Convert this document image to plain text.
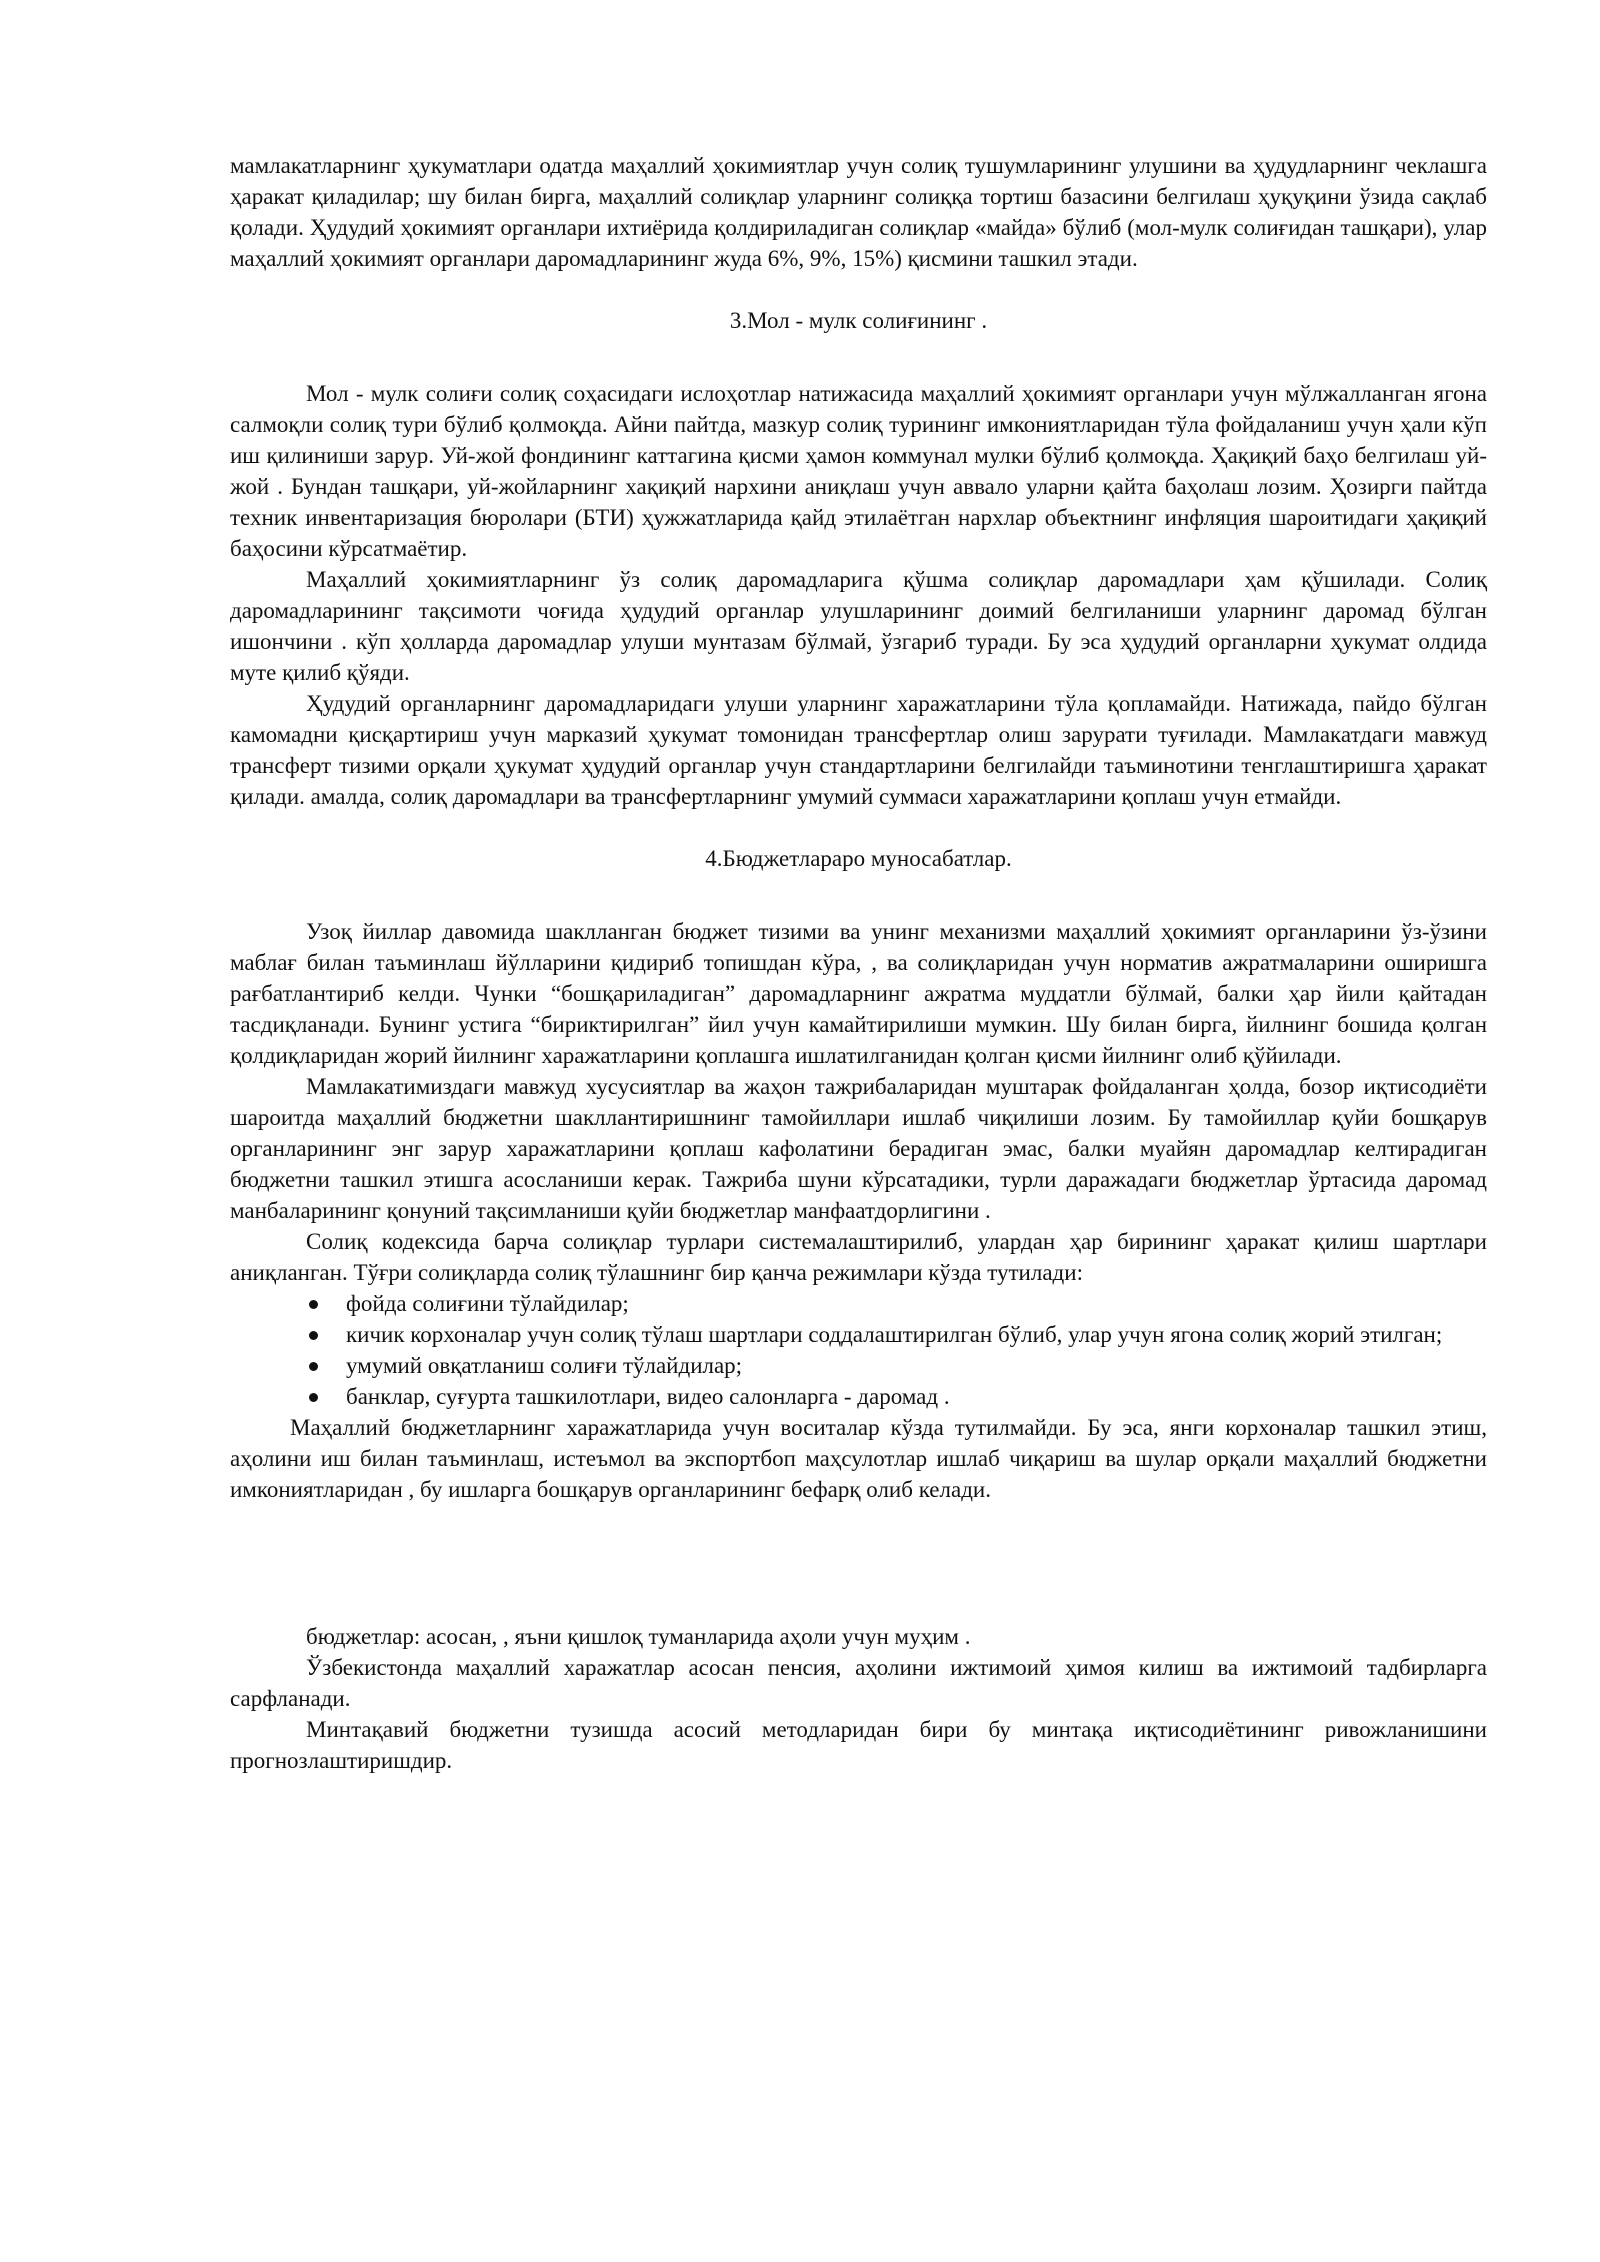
мамлакатларнинг ҳукуматлари одатда маҳаллий ҳокимиятлар учун солиқ тушумларининг улушини ва ҳудудларнинг чеклашга ҳаракат қиладилар; шу билан бирга, маҳаллий солиқлар уларнинг солиққа тортиш базасини белгилаш ҳуқуқини ўзида сақлаб қолади. Ҳудудий ҳокимият органлари ихтиёрида қолдириладиган солиқлар «майда» бўлиб (мол-мулк солиғидан ташқари), улар маҳаллий ҳокимият органлари даромадларининг жуда 6%, 9%, 15%) қисмини ташкил этади.

3.Мол - мулк солиғининг .

Мол - мулк солиғи солиқ соҳасидаги ислоҳотлар натижасида маҳаллий ҳокимият органлари учун мўлжалланган ягона салмоқли солиқ тури бўлиб қолмоқда. Айни пайтда, мазкур солиқ турининг имкониятларидан тўла фойдаланиш учун ҳали кўп иш қилиниши зарур. Уй-жой фондининг каттагина қисми ҳамон коммунал мулки бўлиб қолмоқда. Ҳақиқий баҳо белгилаш уй-жой . Бундан ташқари, уй-жойларнинг хақиқий нархини аниқлаш учун аввало уларни қайта баҳолаш лозим. Ҳозирги пайтда техник инвентаризация бюролари (БТИ) ҳужжатларида қайд этилаётган нархлар объектнинг инфляция шароитидаги ҳақиқий баҳосини кўрсатмаётир.

Маҳаллий ҳокимиятларнинг ўз солиқ даромадларига қўшма солиқлар даромадлари ҳам қўшилади. Солиқ даромадларининг тақсимоти чоғида ҳудудий органлар улушларининг доимий белгиланиши уларнинг даромад бўлган ишончини . кўп ҳолларда даромадлар улуши мунтазам бўлмай, ўзгариб туради. Бу эса ҳудудий органларни ҳукумат олдида муте қилиб қўяди.

Ҳудудий органларнинг даромадларидаги улуши уларнинг харажатларини тўла қопламайди. Натижада, пайдо бўлган камомадни қисқартириш учун марказий ҳукумат томонидан трансфертлар олиш зарурати туғилади. Мамлакатдаги мавжуд трансферт тизими орқали ҳукумат ҳудудий органлар учун стандартларини белгилайди таъминотини тенглаштиришга ҳаракат қилади. амалда, солиқ даромадлари ва трансфертларнинг умумий суммаси харажатларини қоплаш учун етмайди.

4.Бюджетлараро муносабатлар.

Узоқ йиллар давомида шаклланган бюджет тизими ва унинг механизми маҳаллий ҳокимият органларини ўз-ўзини маблағ билан таъминлаш йўлларини қидириб топишдан кўра, , ва солиқларидан учун норматив ажратмаларини оширишга рағбатлантириб келди. Чунки “бошқариладиган” даромадларнинг ажратма муддатли бўлмай, балки ҳар йили қайтадан тасдиқланади. Бунинг устига “бириктирилган” йил учун камайтирилиши мумкин. Шу билан бирга, йилнинг бошида қолган қолдиқларидан жорий йилнинг харажатларини қоплашга ишлатилганидан қолган қисми йилнинг олиб қўйилади.

Мамлакатимиздаги мавжуд хусусиятлар ва жаҳон тажрибаларидан муштарак фойдаланган ҳолда, бозор иқтисодиёти шароитда маҳаллий бюджетни шакллантиришнинг тамойиллари ишлаб чиқилиши лозим. Бу тамойиллар қуйи бошқарув органларининг энг зарур харажатларини қоплаш кафолатини берадиган эмас, балки муайян даромадлар келтирадиган бюджетни ташкил этишга асосланиши керак. Тажриба шуни кўрсатадики, турли даражадаги бюджетлар ўртасида даромад манбаларининг қонуний тақсимланиши қуйи бюджетлар манфаатдорлигини .

Солиқ кодексида барча солиқлар турлари системалаштирилиб, улардан ҳар бирининг ҳаракат қилиш шартлари аниқланган. Тўғри солиқларда солиқ тўлашнинг бир қанча режимлари кўзда тутилади:

фойда солиғини тўлайдилар;
кичик корхоналар учун солиқ тўлаш шартлари соддалаштирилган бўлиб, улар учун ягона солиқ жорий этилган;
умумий овқатланиш солиғи тўлайдилар;
банклар, суғурта ташкилотлари, видео салонларга - даромад .

Маҳаллий бюджетларнинг харажатларида учун воситалар кўзда тутилмайди. Бу эса, янги корхоналар ташкил этиш, аҳолини иш билан таъминлаш, истеъмол ва экспортбоп маҳсулотлар ишлаб чиқариш ва шулар орқали маҳаллий бюджетни имкониятларидан , бу ишларга бошқарув органларининг бефарқ олиб келади.

бюджетлар: асосан, , яъни қишлоқ туманларида аҳоли учун муҳим .

Ўзбекистонда маҳаллий харажатлар асосан пенсия, аҳолини ижтимоий ҳимоя килиш ва ижтимоий тадбирларга сарфланади.

Минтақавий бюджетни тузишда асосий методларидан бири бу минтақа иқтисодиётининг ривожланишини прогнозлаштиришдир.
